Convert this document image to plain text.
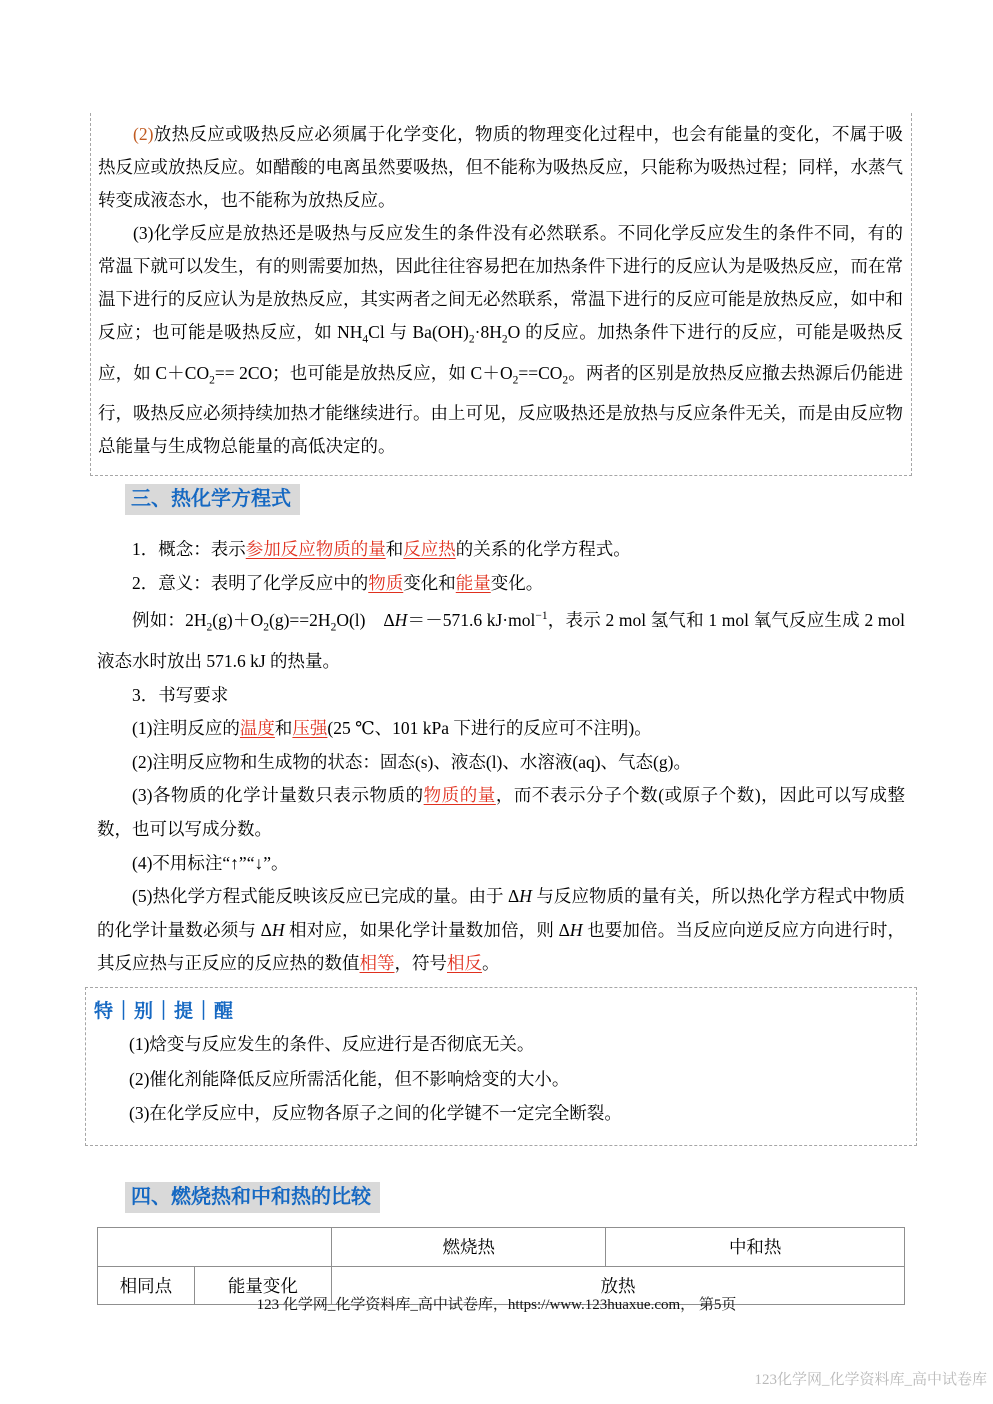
(2)放热反应或吸热反应必须属于化学变化，物质的物理变化过程中，也会有能量的变化，不属于吸热反应或放热反应。如醋酸的电离虽然要吸热，但不能称为吸热反应，只能称为吸热过程；同样，水蒸气转变成液态水，也不能称为放热反应。

(3)化学反应是放热还是吸热与反应发生的条件没有必然联系。不同化学反应发生的条件不同，有的常温下就可以发生，有的则需要加热，因此往往容易把在加热条件下进行的反应认为是吸热反应，而在常温下进行的反应认为是放热反应，其实两者之间无必然联系，常温下进行的反应可能是放热反应，如中和反应；也可能是吸热反应，如 $NH_4Cl$ 与 $Ba(OH)_2\cdot 8H_2O$ 的反应。加热条件下进行的反应，可能是吸热反应，如 $C+CO_2== 2CO$；也可能是放热反应，如 $C+O_2==CO_2$。两者的区别是放热反应撤去热源后仍能进行，吸热反应必须持续加热才能继续进行。由上可见，反应吸热还是放热与反应条件无关，而是由反应物总能量与生成物总能量的高低决定的。

三、热化学方程式

1．概念：表示参加反应物质的量和反应热的关系的化学方程式。

2．意义：表明了化学反应中的物质变化和能量变化。

例如：$2H_2(g)+O_2(g)==2H_2O(l)$　ΔH＝－571.6 kJ·mol$^{-1}$，表示 2 mol 氢气和 1 mol 氧气反应生成 2 mol 液态水时放出 571.6 kJ 的热量。

3．书写要求

(1)注明反应的温度和压强(25 ℃、101 kPa 下进行的反应可不注明)。

(2)注明反应物和生成物的状态：固态(s)、液态(l)、水溶液(aq)、气态(g)。

(3)各物质的化学计量数只表示物质的物质的量，而不表示分子个数(或原子个数)，因此可以写成整数，也可以写成分数。

(4)不用标注“↑”“↓”。

(5)热化学方程式能反映该反应已完成的量。由于 ΔH 与反应物质的量有关，所以热化学方程式中物质的化学计量数必须与 ΔH 相对应，如果化学计量数加倍，则 ΔH 也要加倍。当反应向逆反应方向进行时，其反应热与正反应的反应热的数值相等，符号相反。

特｜别｜提｜醒

(1)焓变与反应发生的条件、反应进行是否彻底无关。

(2)催化剂能降低反应所需活化能，但不影响焓变的大小。

(3)在化学反应中，反应物各原子之间的化学键不一定完全断裂。

四、燃烧热和中和热的比较
		燃烧热	中和热
相同点	能量变化	放热	
123 化学网_化学资料库_高中试卷库，https://www.123huaxue.com， 第5页
123化学网_化学资料库_高中试卷库
